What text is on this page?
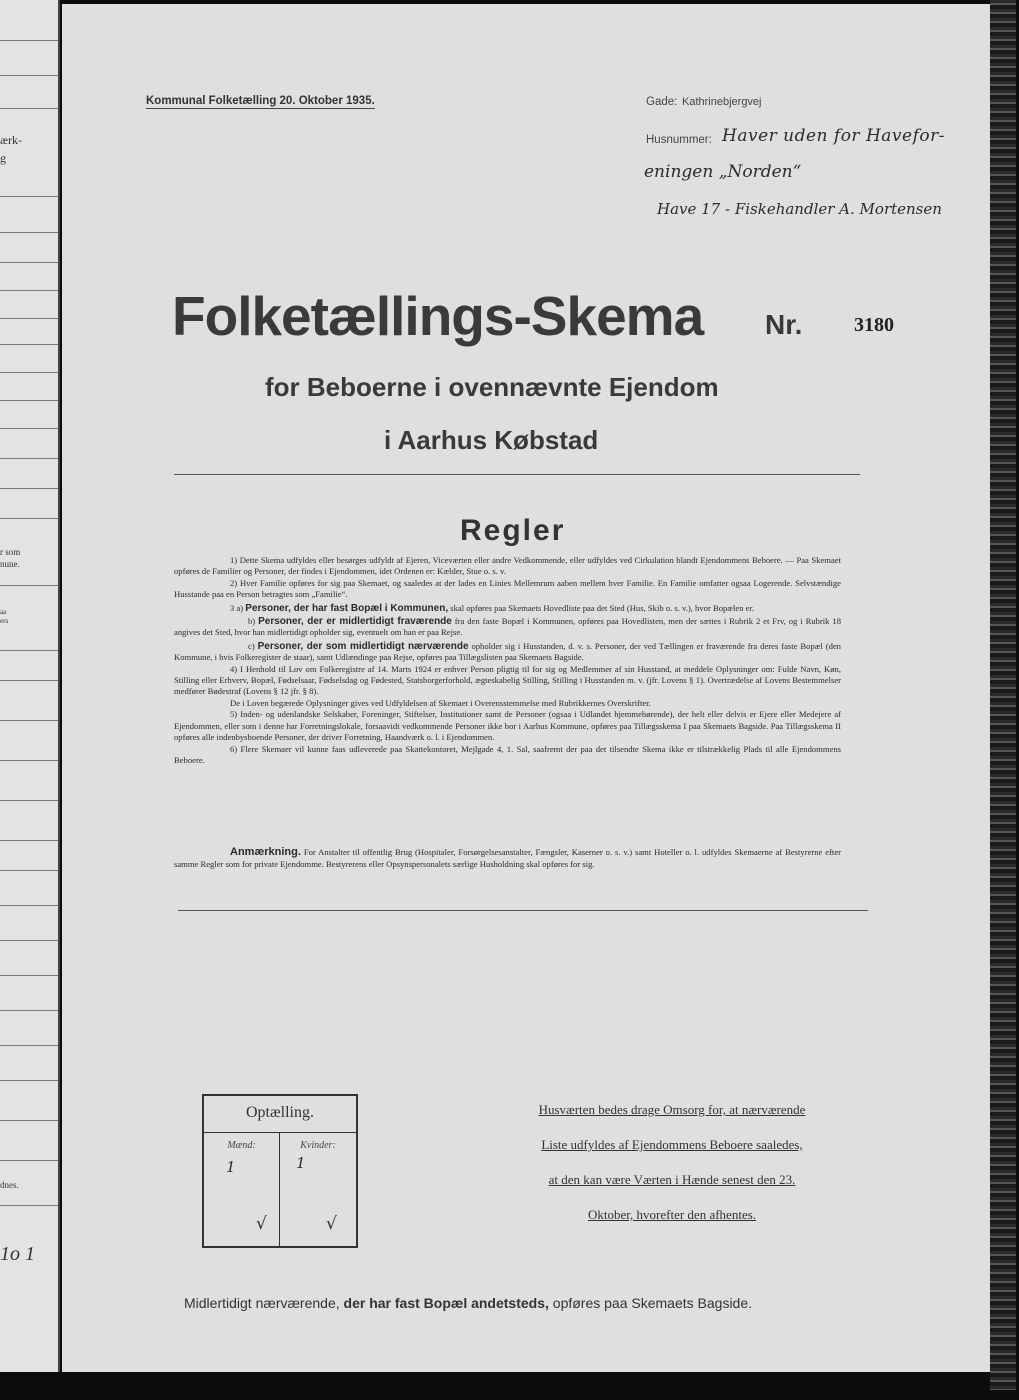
ærk-
g
r som
nune.
aa
ers
dnes.
1o 1
Kommunal Folketælling 20. Oktober 1935.	Gade: Kathrinebjergvej
Husnummer: Haver uden for Havefor-
eningen „Norden“
Have 17 - Fiskehandler A. Mortensen
Folketællings-Skema Nr.	3180
for Beboerne i ovennævnte Ejendom
i Aarhus Købstad
Regler

1) Dette Skema udfyldes eller besørges udfyldt af Ejeren, Viceværten eller andre Vedkommende, eller udfyldes ved Cirkulation blandt Ejendommens Beboere. — Paa Skemaet opføres de Familier og Personer, der findes i Ejendommen, idet Ordenen er: Kælder, Stue o. s. v.

2) Hver Familie opføres for sig paa Skemaet, og saaledes at der lades en Linies Mellemrum aaben mellem hver Familie. En Familie omfatter ogsaa Logerende. Selvstændige Husstande paa en Person betragtes som „Familie“.

3 a) Personer, der har fast Bopæl i Kommunen, skal opføres paa Skemaets Hovedliste paa det Sted (Hus, Skib o. s. v.), hvor Bopælen er.

b) Personer, der er midlertidigt fraværende fra den faste Bopæl i Kommunen, opføres paa Hovedlisten, men der sættes i Rubrik 2 et Frv, og i Rubrik 18 angives det Sted, hvor han midlertidigt opholder sig, eventuelt om han er paa Rejse.

c) Personer, der som midlertidigt nærværende opholder sig i Husstanden, d. v. s. Personer, der ved Tællingen er fraværende fra deres faste Bopæl (den Kommune, i hvis Folkeregister de staar), samt Udlændinge paa Rejse, opføres paa Tillægslisten paa Skemaets Bagside.

4) I Henhold til Lov om Folkeregistre af 14. Marts 1924 er enhver Person pligtig til for sig og Medlemmer af sin Husstand, at meddele Oplysninger om: Fulde Navn, Køn, Stilling eller Erhverv, Bopæl, Fødselsaar, Fødselsdag og Fødested, Statsborgerforhold, ægteskabelig Stilling, Stilling i Husstanden m. v. (jfr. Lovens § 1). Overtrædelse af Lovens Bestemmelser medfører Bødestraf (Lovens § 12 jfr. § 8).

De i Loven begærede Oplysninger gives ved Udfyldelsen af Skemaet i Overensstemmelse med Rubrikkernes Overskrifter.

5) Inden- og udenlandske Selskaber, Foreninger, Stiftelser, Institutioner samt de Personer (ogsaa i Udlandet hjemmehørende), der helt eller delvis er Ejere eller Medejere af Ejendommen, eller som i denne har Forretningslokale, forsaavidt vedkommende Personer ikke bor i Aarhus Kommune, opføres paa Tillægsskema I paa Skemaets Bagside. Paa Tillægsskema II opføres alle indenbysboende Personer, der driver Forretning, Haandværk o. l. i Ejendommen.

6) Flere Skemaer vil kunne faas udleverede paa Skattekontoret, Mejlgade 4, 1. Sal, saafremt der paa det tilsendte Skema ikke er tilstrækkelig Plads til alle Ejendommens Beboere.

Anmærkning. For Anstalter til offentlig Brug (Hospitaler, Forsørgelsesanstalter, Fængsler, Kaserner o. s. v.) samt Hoteller o. l. udfyldes Skemaerne af Bestyrerne efter samme Regler som for private Ejendomme. Bestyrerens eller Opsynspersonalets særlige Husholdning skal opføres for sig.

Optælling.
Mænd:	Kvinder:
1	1
√	√
Husværten bedes drage Omsorg for, at nærværende
Liste udfyldes af Ejendommens Beboere saaledes,
at den kan være Værten i Hænde senest den 23.
Oktober, hvorefter den afhentes.
Midlertidigt nærværende, der har fast Bopæl andetsteds, opføres paa Skemaets Bagside.
